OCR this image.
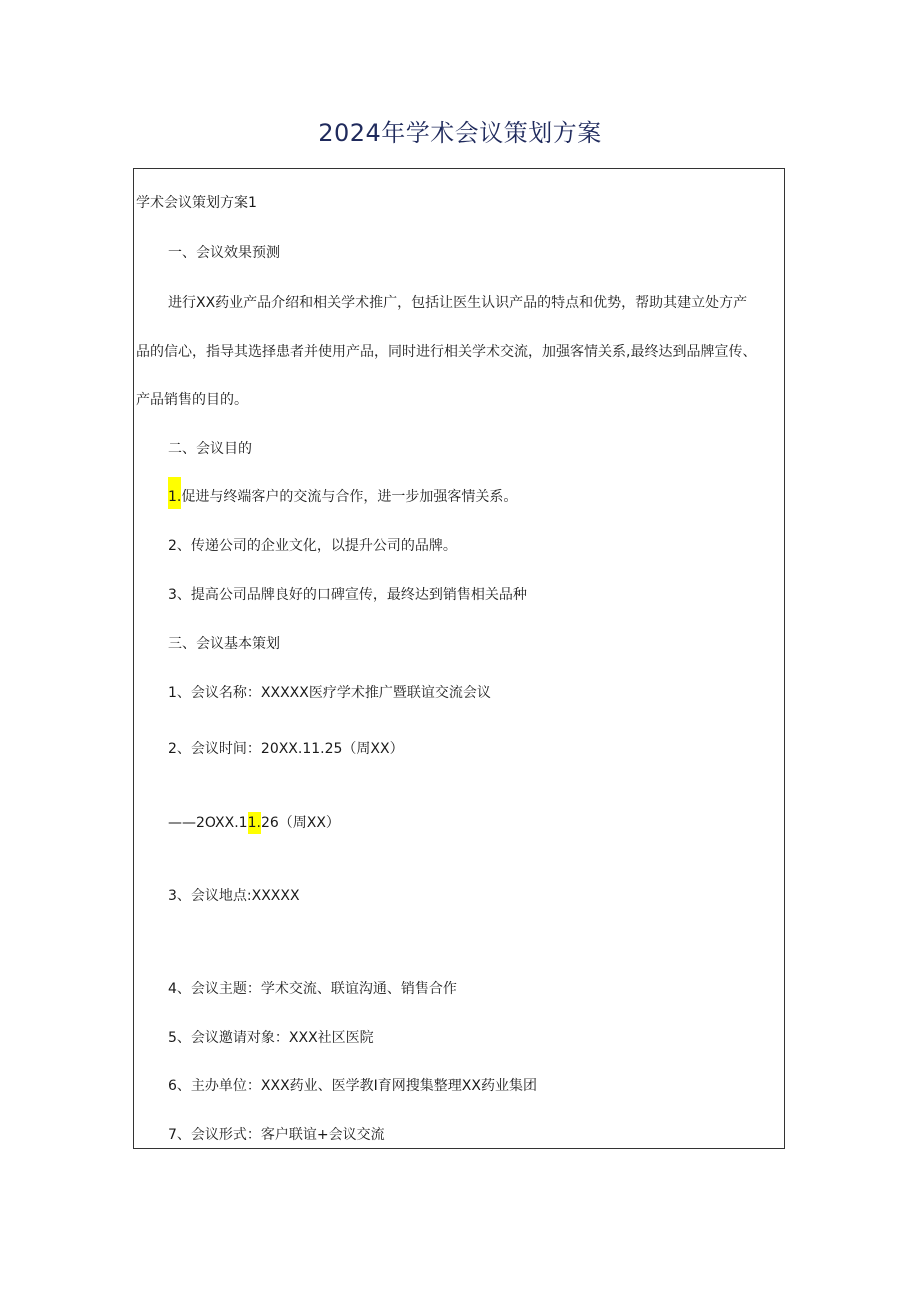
2024年学术会议策划方案
学术会议策划方案1
一、会议效果预测
进行XX药业产品介绍和相关学术推广，包括让医生认识产品的特点和优势，帮助其建立处方产
品的信心，指导其选择患者并使用产品，同时进行相关学术交流，加强客情关系,最终达到品牌宣传、
产品销售的目的。
二、会议目的
1.促进与终端客户的交流与合作，进一步加强客情关系。
2、传递公司的企业文化，以提升公司的品牌。
3、提高公司品牌良好的口碑宣传，最终达到销售相关品种
三、会议基本策划
1、会议名称：XXXXX医疗学术推广暨联谊交流会议
2、会议时间：20XX.11.25（周XX）
——2OXX.11.26（周XX）
3、会议地点:XXXXX
4、会议主题：学术交流、联谊沟通、销售合作
5、会议邀请对象：XXX社区医院
6、主办单位：XXX药业、医学教I育网搜集整理XX药业集团
7、会议形式：客户联谊+会议交流
